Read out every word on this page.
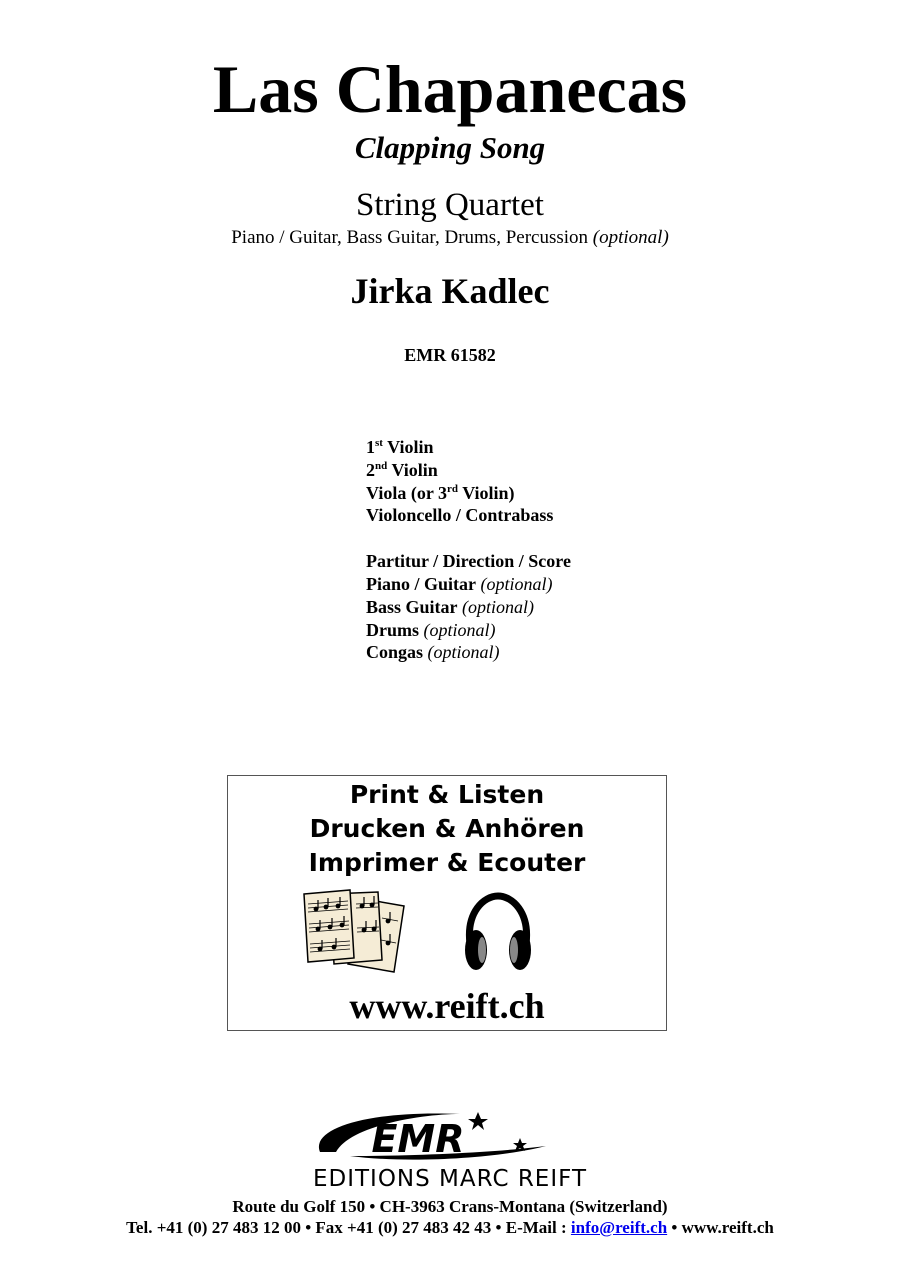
Las Chapanecas
Clapping Song
String Quartet
Piano / Guitar, Bass Guitar, Drums, Percussion (optional)
Jirka Kadlec
EMR 61582
1st Violin
2nd Violin
Viola (or 3rd Violin)
Violoncello / Contrabass
Partitur / Direction / Score
Piano / Guitar (optional)
Bass Guitar (optional)
Drums (optional)
Congas (optional)
Print & Listen
Drucken & Anhören
Imprimer & Ecouter
www.reift.ch
EMR
EDITIONS MARC REIFT
Route du Golf 150 • CH-3963 Crans-Montana (Switzerland)
Tel. +41 (0) 27 483 12 00 • Fax +41 (0) 27 483 42 43 • E-Mail : info@reift.ch • www.reift.ch
